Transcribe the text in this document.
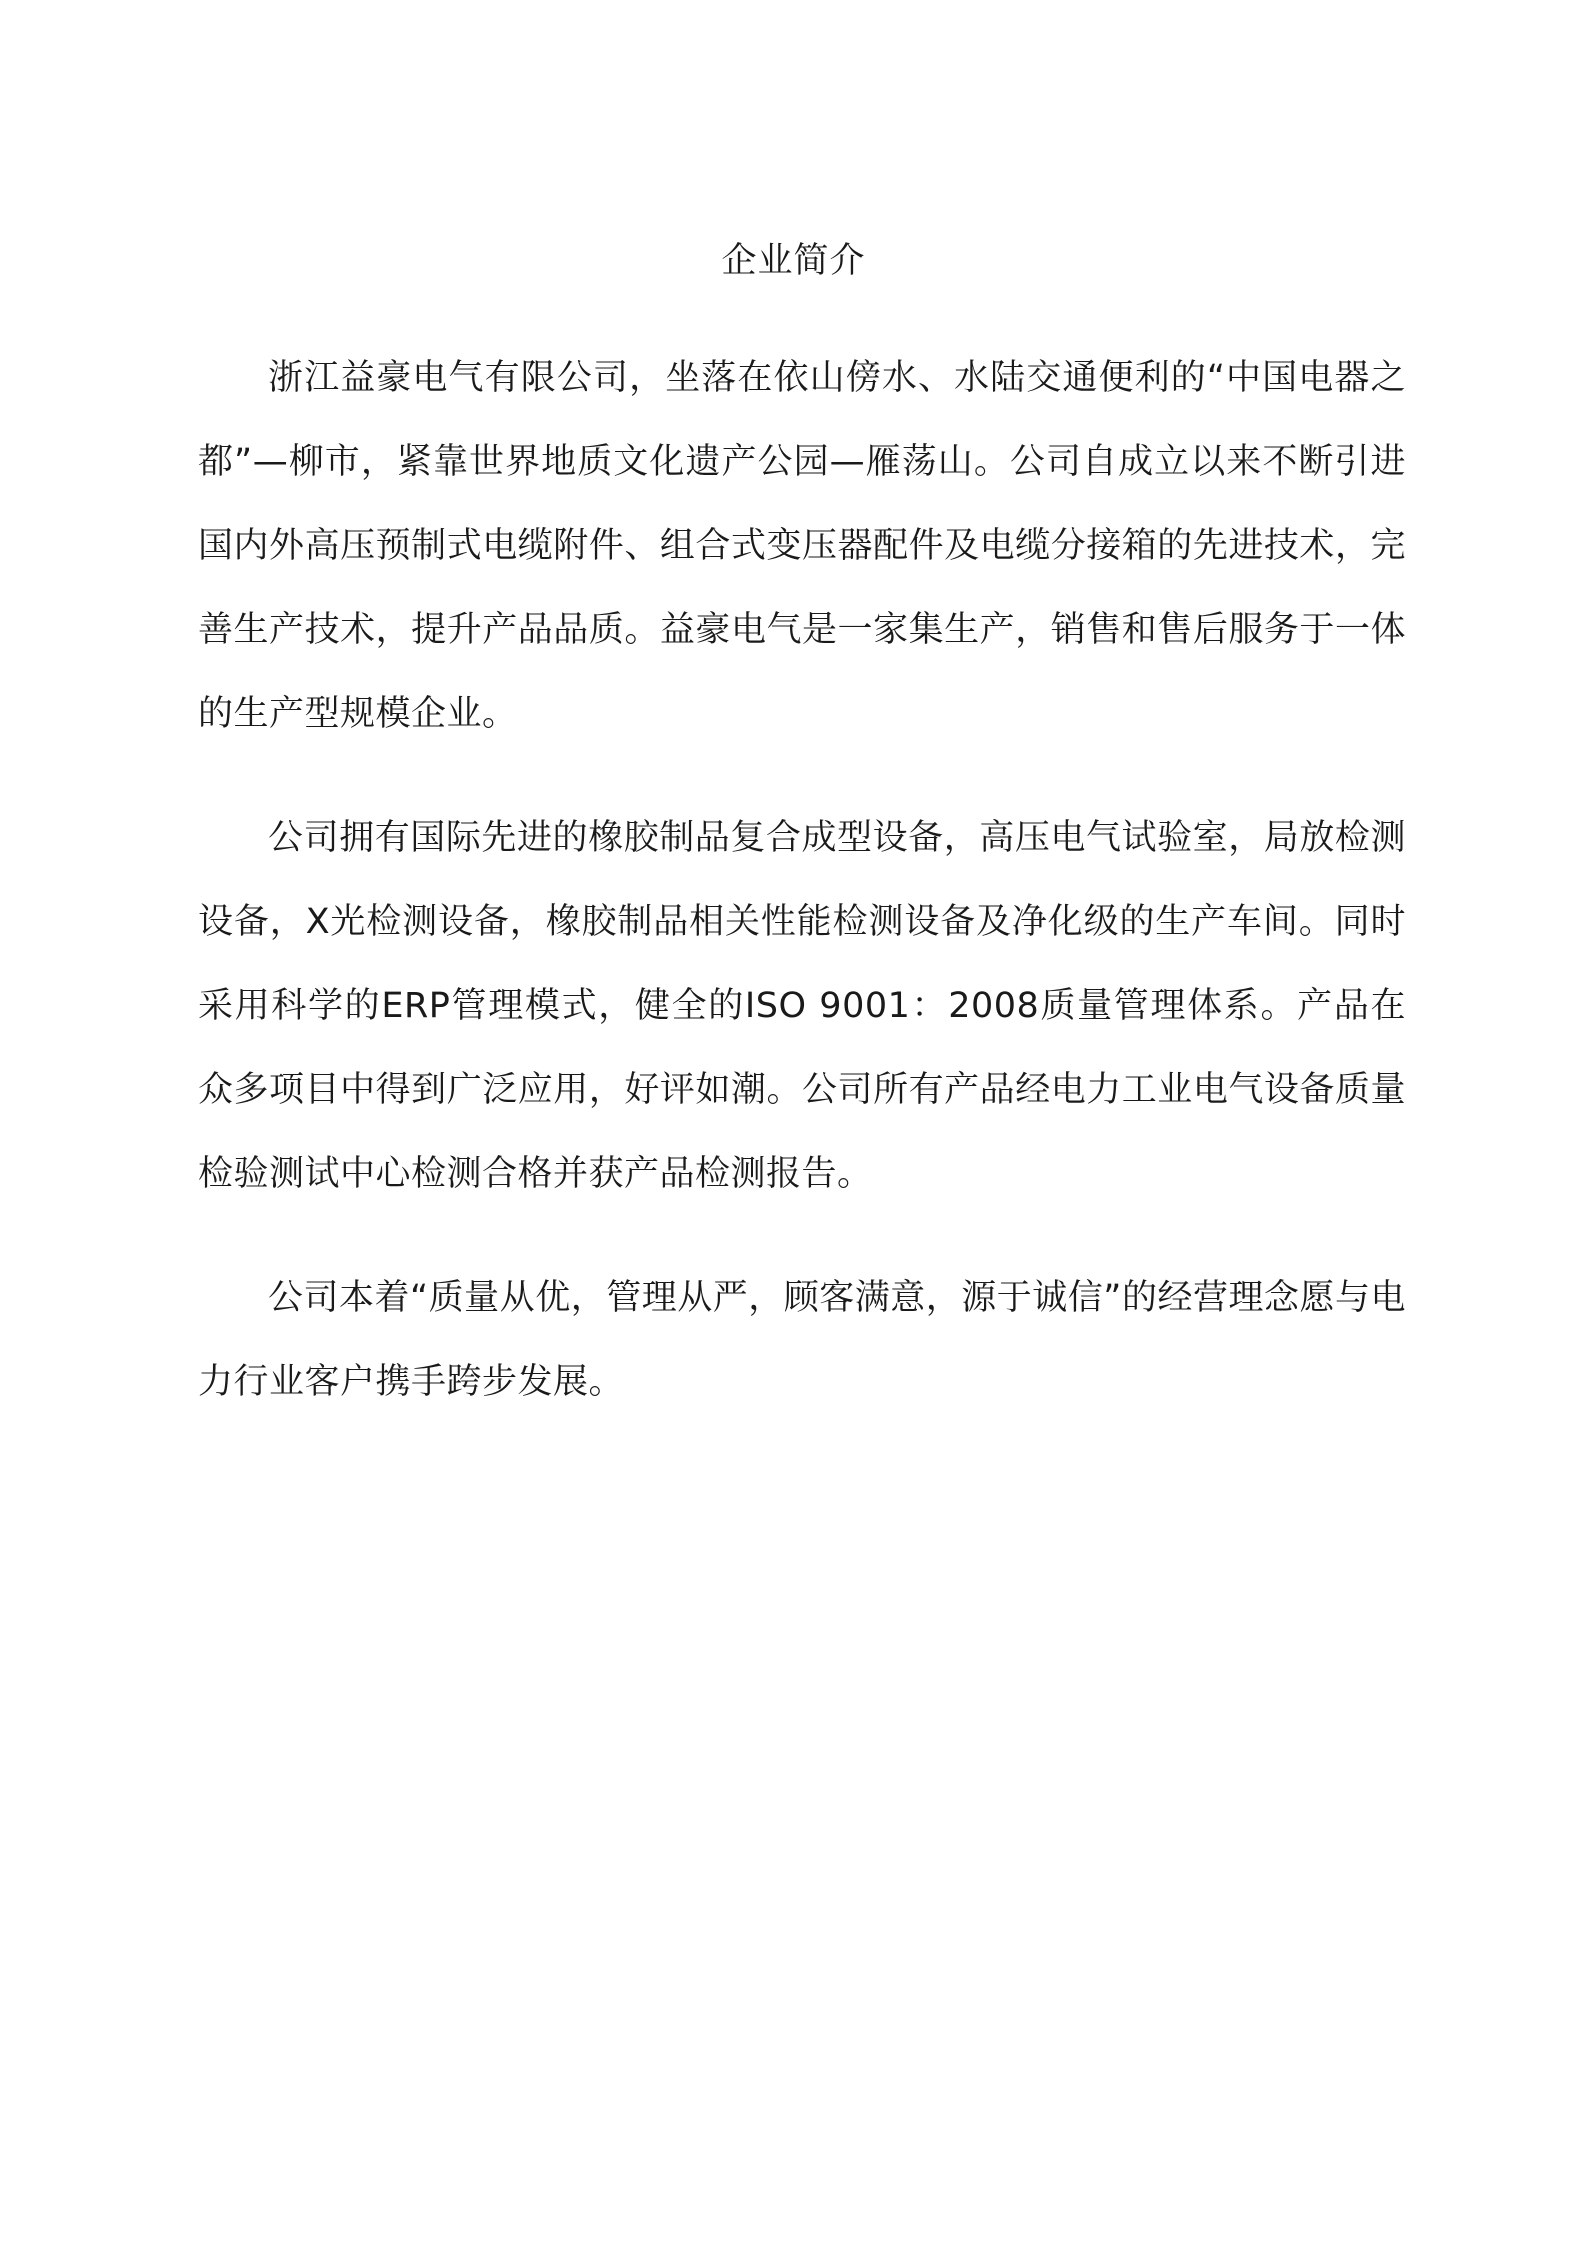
企业简介

浙江益豪电气有限公司，坐落在依山傍水、水陆交通便利的“中国电器之都”—柳市，紧靠世界地质文化遗产公园—雁荡山。公司自成立以来不断引进国内外高压预制式电缆附件、组合式变压器配件及电缆分接箱的先进技术，完善生产技术，提升产品品质。益豪电气是一家集生产，销售和售后服务于一体的生产型规模企业。

公司拥有国际先进的橡胶制品复合成型设备，高压电气试验室，局放检测设备，X光检测设备，橡胶制品相关性能检测设备及净化级的生产车间。同时采用科学的ERP管理模式，健全的ISO 9001：2008质量管理体系。产品在众多项目中得到广泛应用，好评如潮。公司所有产品经电力工业电气设备质量检验测试中心检测合格并获产品检测报告。

公司本着“质量从优，管理从严，顾客满意，源于诚信”的经营理念愿与电力行业客户携手跨步发展。
